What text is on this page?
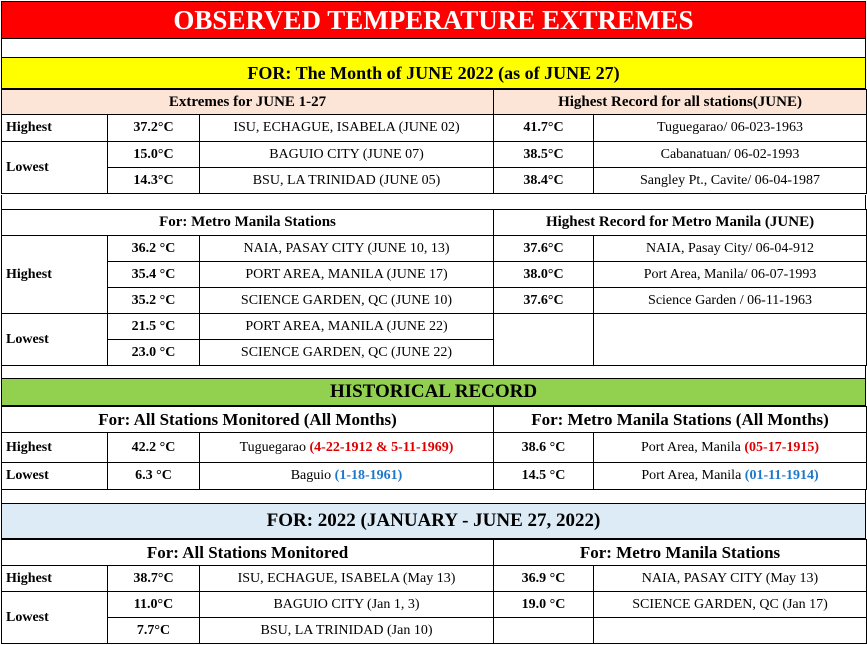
OBSERVED TEMPERATURE EXTREMES
FOR: The Month of JUNE 2022 (as of JUNE 27)
Extremes for JUNE 1-27			Highest Record for all stations(JUNE)	
Highest	37.2°C	ISU, ECHAGUE, ISABELA (JUNE 02)	41.7°C	Tuguegarao/ 06-023-1963
Lowest	15.0°C	BAGUIO CITY (JUNE 07)	38.5°C	Cabanatuan/ 06-02-1993
	14.3°C	BSU, LA TRINIDAD (JUNE 05)	38.4°C	Sangley Pt., Cavite/ 06-04-1987
For: Metro Manila Stations			Highest Record for Metro Manila (JUNE)	
Highest	36.2 °C	NAIA, PASAY CITY (JUNE 10, 13)	37.6°C	NAIA, Pasay City/ 06-04-912
	35.4 °C	PORT AREA, MANILA (JUNE 17)	38.0°C	Port Area, Manila/ 06-07-1993
	35.2 °C	SCIENCE GARDEN, QC (JUNE 10)	37.6°C	Science Garden / 06-11-1963
Lowest	21.5 °C	PORT AREA, MANILA (JUNE 22)		
	23.0 °C	SCIENCE GARDEN, QC (JUNE 22)		
HISTORICAL RECORD
For: All Stations Monitored (All Months)			For: Metro Manila Stations (All Months)	
Highest	42.2 °C	Tuguegarao (4-22-1912 & 5-11-1969)	38.6 °C	Port Area, Manila (05-17-1915)
Lowest	6.3 °C	Baguio (1-18-1961)	14.5 °C	Port Area, Manila (01-11-1914)
FOR: 2022 (JANUARY - JUNE 27, 2022)
For: All Stations Monitored			For: Metro Manila Stations	
Highest	38.7°C	ISU, ECHAGUE, ISABELA (May 13)	36.9 °C	NAIA, PASAY CITY (May 13)
Lowest	11.0°C	BAGUIO CITY (Jan 1, 3)	19.0 °C	SCIENCE GARDEN, QC (Jan 17)
	7.7°C	BSU, LA TRINIDAD (Jan 10)		
